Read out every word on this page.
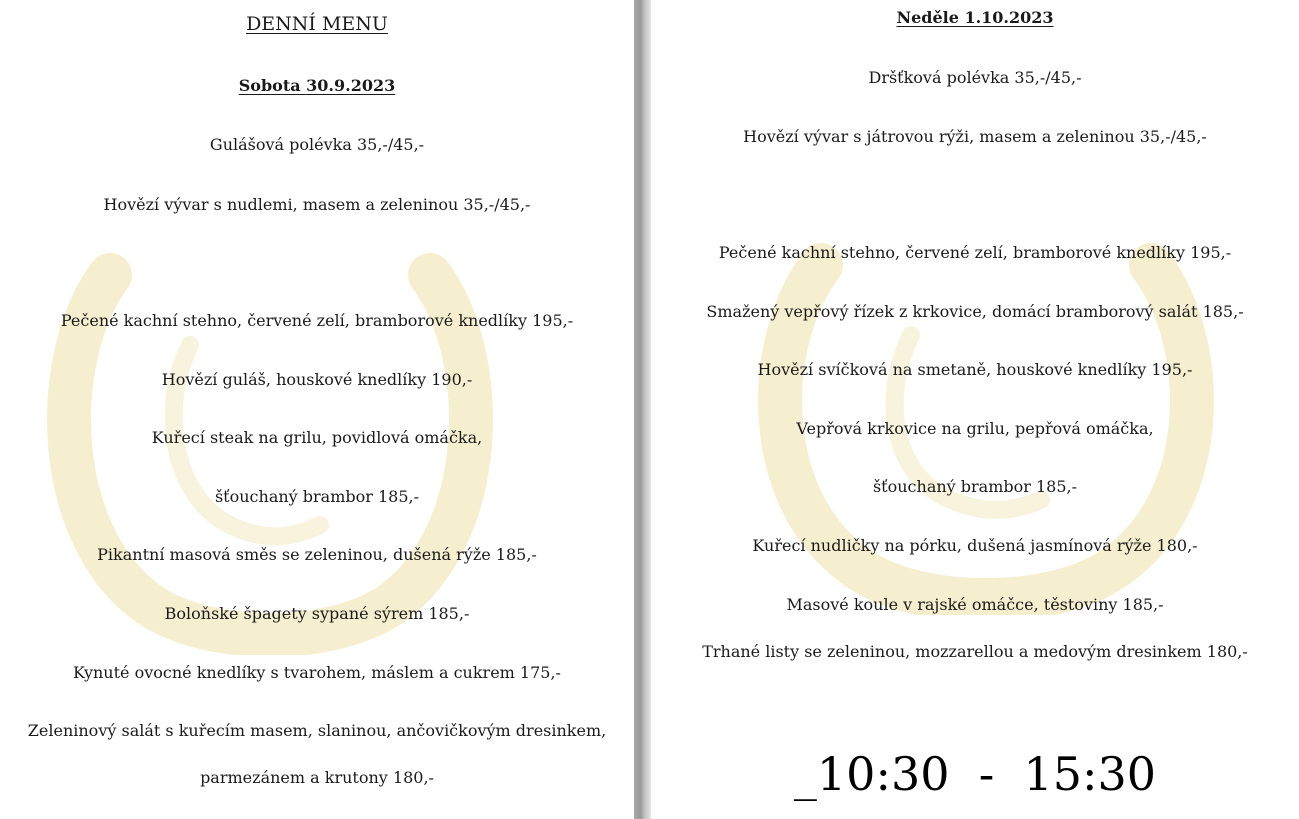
DENNÍ MENU
Sobota 30.9.2023
Gulášová polévka 35,-/45,-
Hovězí vývar s nudlemi, masem a zeleninou 35,-/45,-
Pečené kachní stehno, červené zelí, bramborové knedlíky 195,-
Hovězí guláš, houskové knedlíky 190,-
Kuřecí steak na grilu, povidlová omáčka,
šťouchaný brambor 185,-
Pikantní masová směs se zeleninou, dušená rýže 185,-
Boloňské špagety sypané sýrem 185,-
Kynuté ovocné knedlíky s tvarohem, máslem a cukrem 175,-
Zeleninový salát s kuřecím masem, slaninou, ančovičkovým dresinkem,
parmezánem a krutony 180,-
Neděle 1.10.2023
Dršťková polévka 35,-/45,-
Hovězí vývar s játrovou rýži, masem a zeleninou 35,-/45,-
Pečené kachní stehno, červené zelí, bramborové knedlíky 195,-
Smažený vepřový řízek z krkovice, domácí bramborový salát 185,-
Hovězí svíčková na smetaně, houskové knedlíky 195,-
Vepřová krkovice na grilu, pepřová omáčka,
šťouchaný brambor 185,-
Kuřecí nudličky na pórku, dušená jasmínová rýže 180,-
Masové koule v rajské omáčce, těstoviny 185,-
Trhané listy se zeleninou, mozzarellou a medovým dresinkem 180,-
_10:30  -  15:30
